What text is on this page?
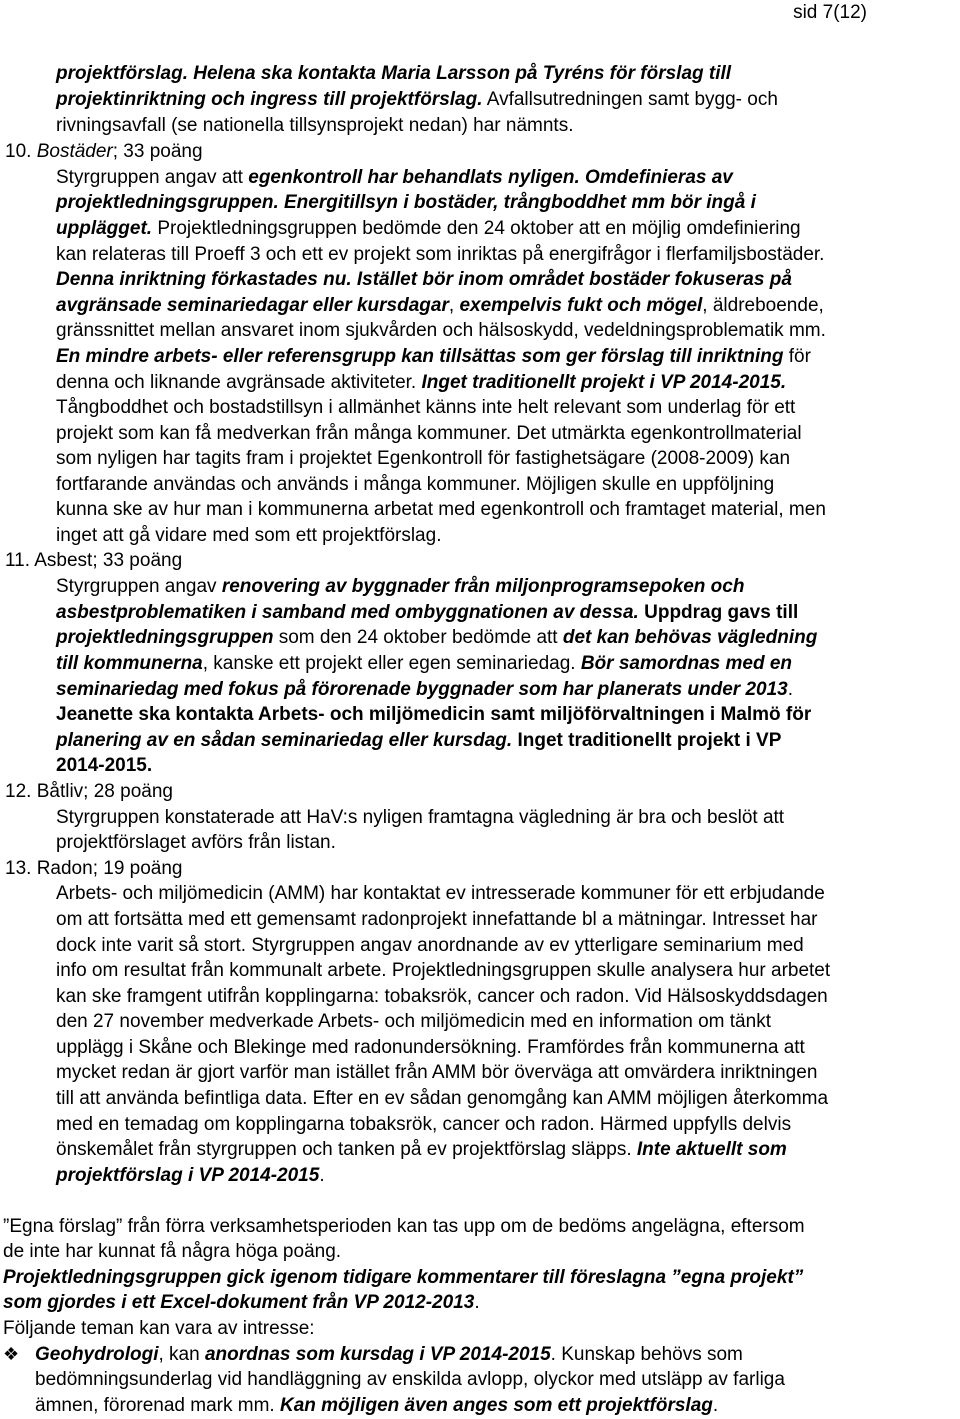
sid 7(12)
projektförslag. Helena ska kontakta Maria Larsson på Tyréns för förslag till
projektinriktning och ingress till projektförslag. Avfallsutredningen samt bygg- och
rivningsavfall (se nationella tillsynsprojekt nedan) har nämnts.
10. Bostäder; 33 poäng
Styrgruppen angav att egenkontroll har behandlats nyligen. Omdefinieras av
projektledningsgruppen. Energitillsyn i bostäder, trångboddhet mm bör ingå i
upplägget. Projektledningsgruppen bedömde den 24 oktober att en möjlig omdefiniering
kan relateras till Proeff 3 och ett ev projekt som inriktas på energifrågor i flerfamiljsbostäder.
Denna inriktning förkastades nu. Istället bör inom området bostäder fokuseras på
avgränsade seminariedagar eller kursdagar, exempelvis fukt och mögel, äldreboende,
gränssnittet mellan ansvaret inom sjukvården och hälsoskydd, vedeldningsproblematik mm.
En mindre arbets- eller referensgrupp kan tillsättas som ger förslag till inriktning för
denna och liknande avgränsade aktiviteter. Inget traditionellt projekt i VP 2014-2015.
Tångboddhet och bostadstillsyn i allmänhet känns inte helt relevant som underlag för ett
projekt som kan få medverkan från många kommuner. Det utmärkta egenkontrollmaterial
som nyligen har tagits fram i projektet Egenkontroll för fastighetsägare (2008-2009) kan
fortfarande användas och används i många kommuner. Möjligen skulle en uppföljning
kunna ske av hur man i kommunerna arbetat med egenkontroll och framtaget material, men
inget att gå vidare med som ett projektförslag.
11. Asbest; 33 poäng
Styrgruppen angav renovering av byggnader från miljonprogramsepoken och
asbestproblematiken i samband med ombyggnationen av dessa. Uppdrag gavs till
projektledningsgruppen som den 24 oktober bedömde att det kan behövas vägledning
till kommunerna, kanske ett projekt eller egen seminariedag. Bör samordnas med en
seminariedag med fokus på förorenade byggnader som har planerats under 2013.
Jeanette ska kontakta Arbets- och miljömedicin samt miljöförvaltningen i Malmö för
planering av en sådan seminariedag eller kursdag. Inget traditionellt projekt i VP
2014-2015.
12. Båtliv; 28 poäng
Styrgruppen konstaterade att HaV:s nyligen framtagna vägledning är bra och beslöt att
projektförslaget avförs från listan.
13. Radon; 19 poäng
Arbets- och miljömedicin (AMM) har kontaktat ev intresserade kommuner för ett erbjudande
om att fortsätta med ett gemensamt radonprojekt innefattande bl a mätningar. Intresset har
dock inte varit så stort. Styrgruppen angav anordnande av ev ytterligare seminarium med
info om resultat från kommunalt arbete. Projektledningsgruppen skulle analysera hur arbetet
kan ske framgent utifrån kopplingarna: tobaksrök, cancer och radon. Vid Hälsoskyddsdagen
den 27 november medverkade Arbets- och miljömedicin med en information om tänkt
upplägg i Skåne och Blekinge med radonundersökning. Framfördes från kommunerna att
mycket redan är gjort varför man istället från AMM bör överväga att omvärdera inriktningen
till att använda befintliga data. Efter en ev sådan genomgång kan AMM möjligen återkomma
med en temadag om kopplingarna tobaksrök, cancer och radon. Härmed uppfylls delvis
önskemålet från styrgruppen och tanken på ev projektförslag släpps. Inte aktuellt som
projektförslag i VP 2014-2015.
”Egna förslag” från förra verksamhetsperioden kan tas upp om de bedöms angelägna, eftersom
de inte har kunnat få några höga poäng.
Projektledningsgruppen gick igenom tidigare kommentarer till föreslagna ”egna projekt”
som gjordes i ett Excel-dokument från VP 2012-2013.
Följande teman kan vara av intresse:
❖ Geohydrologi, kan anordnas som kursdag i VP 2014-2015. Kunskap behövs som
bedömningsunderlag vid handläggning av enskilda avlopp, olyckor med utsläpp av farliga
ämnen, förorenad mark mm. Kan möjligen även anges som ett projektförslag.
